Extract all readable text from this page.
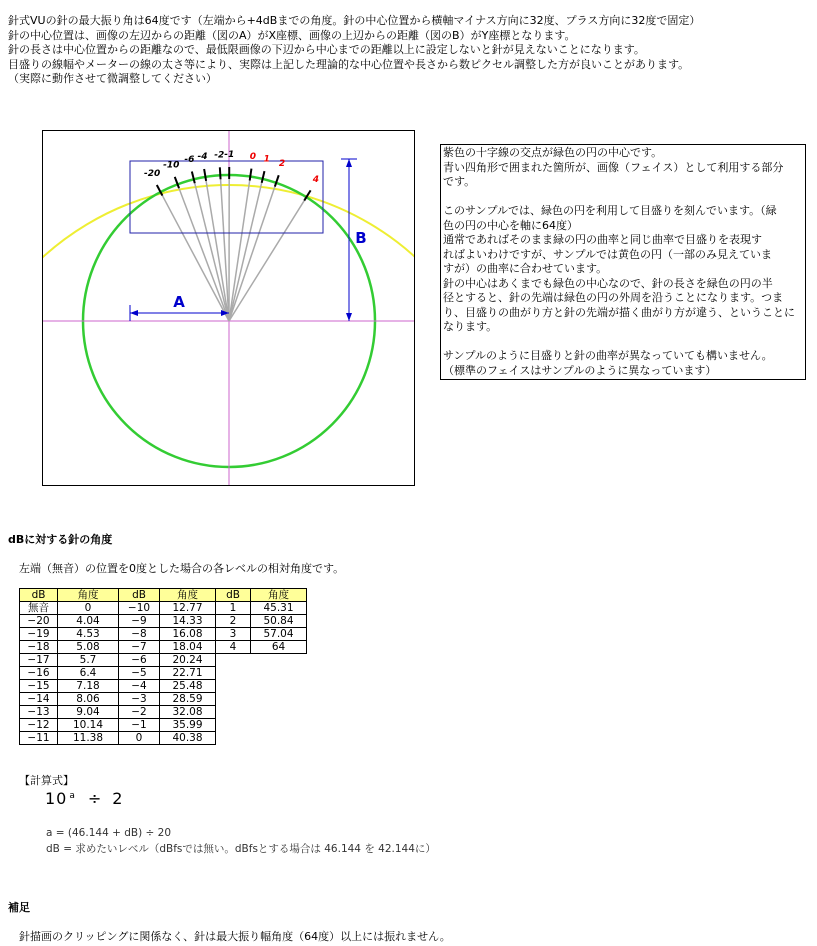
針式VUの針の最大振り角は64度です（左端から+4dBまでの角度。針の中心位置から横軸マイナス方向に32度、プラス方向に32度で固定）
針の中心位置は、画像の左辺からの距離（図のA）がX座標、画像の上辺からの距離（図のB）がY座標となります。
針の長さは中心位置からの距離なので、最低限画像の下辺から中心までの距離以上に設定しないと針が見えないことになります。
目盛りの線幅やメーターの線の太さ等により、実際は上記した理論的な中心位置や長さから数ピクセル調整した方が良いことがあります。
（実際に動作させて微調整してください）
-20
-10
-6 -4 -2 -1 0 1 2
4
A
B
紫色の十字線の交点が緑色の円の中心です。
青い四角形で囲まれた箇所が、画像（フェイス）として利用する部分
です。
このサンプルでは、緑色の円を利用して目盛りを刻んでいます。（緑
色の円の中心を軸に64度）
通常であればそのまま緑の円の曲率と同じ曲率で目盛りを表現す
ればよいわけですが、サンプルでは黄色の円（一部のみ見えていま
すが）の曲率に合わせています。
針の中心はあくまでも緑色の中心なので、針の長さを緑色の円の半
径とすると、針の先端は緑色の円の外周を沿うことになります。つま
り、目盛りの曲がり方と針の先端が描く曲がり方が違う、ということに
なります。
サンプルのように目盛りと針の曲率が異なっていても構いません。
（標準のフェイスはサンプルのように異なっています）
dBに対する針の角度
左端（無音）の位置を0度とした場合の各レベルの相対角度です。
dB	角度	dB	角度	dB	角度
無音	0	−10	12.77	1	45.31
−20	4.04	−9	14.33	2	50.84
−19	4.53	−8	16.08	3	57.04
−18	5.08	−7	18.04	4	64
−17	5.7	−6	20.24		
−16	6.4	−5	22.71		
−15	7.18	−4	25.48		
−14	8.06	−3	28.59		
−13	9.04	−2	32.08		
−12	10.14	−1	35.99		
−11	11.38	0	40.38		
【計算式】
10 $^a$ ÷ 2
a = (46.144 + dB) ÷ 20
dB = 求めたいレベル（dBfsでは無い。dBfsとする場合は 46.144 を 42.144に）
補足
針描画のクリッピングに関係なく、針は最大振り幅角度（64度）以上には振れません。
